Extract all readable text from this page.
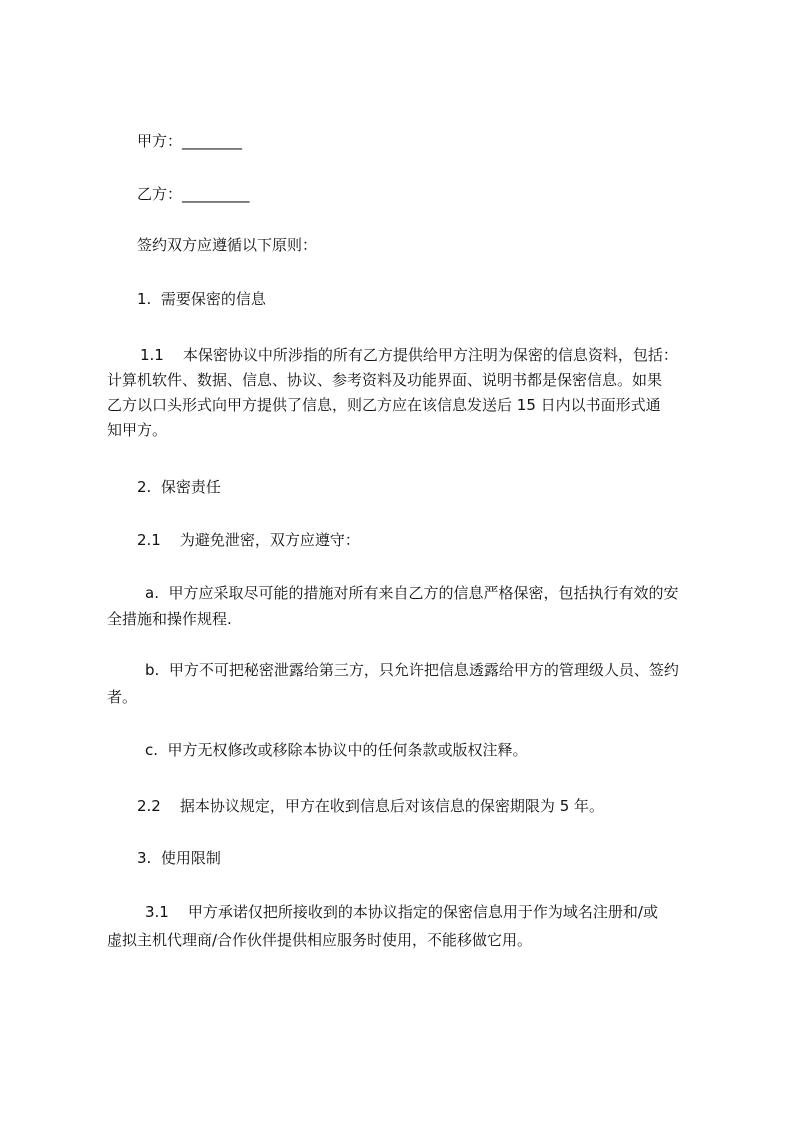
甲方：________
乙方：_________
签约双方应遵循以下原则：
1.  需要保密的信息
1.1    本保密协议中所涉指的所有乙方提供给甲方注明为保密的信息资料，包括：
计算机软件、数据、信息、协议、参考资料及功能界面、说明书都是保密信息。如果
乙方以口头形式向甲方提供了信息，则乙方应在该信息发送后 15 日内以书面形式通
知甲方。
2.  保密责任
2.1    为避免泄密，双方应遵守：
a.  甲方应采取尽可能的措施对所有来自乙方的信息严格保密，包括执行有效的安
全措施和操作规程.
b.  甲方不可把秘密泄露给第三方，只允许把信息透露给甲方的管理级人员、签约
者。
c.  甲方无权修改或移除本协议中的任何条款或版权注释。
2.2    据本协议规定，甲方在收到信息后对该信息的保密期限为 5 年。
3.  使用限制
3.1    甲方承诺仅把所接收到的本协议指定的保密信息用于作为域名注册和/或
虚拟主机代理商/合作伙伴提供相应服务时使用，不能移做它用。
